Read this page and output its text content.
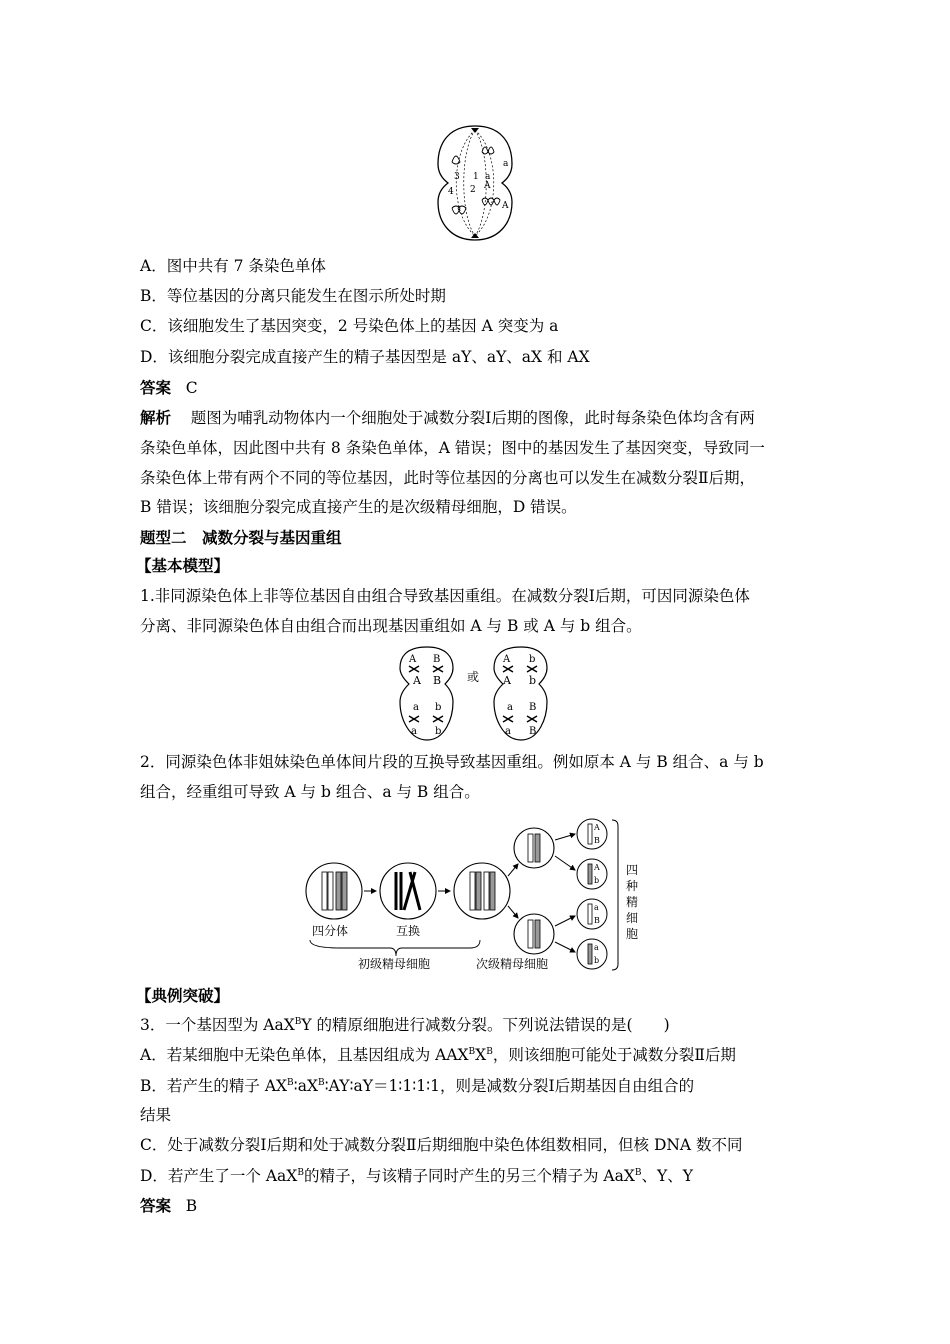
3 1 a
a
4 2 A
A
A．图中共有 7 条染色单体
B．等位基因的分离只能发生在图示所处时期
C．该细胞发生了基因突变，2 号染色体上的基因 A 突变为 a
D．该细胞分裂完成直接产生的精子基因型是 aY、aY、aX 和 AX
答案 C
解析 题图为哺乳动物体内一个细胞处于减数分裂Ⅰ后期的图像，此时每条染色体均含有两
条染色单体，因此图中共有 8 条染色单体，A 错误；图中的基因发生了基因突变，导致同一
条染色体上带有两个不同的等位基因，此时等位基因的分离也可以发生在减数分裂Ⅱ后期，
B 错误；该细胞分裂完成直接产生的是次级精母细胞，D 错误。
题型二　减数分裂与基因重组
【基本模型】
1.非同源染色体上非等位基因自由组合导致基因重组。在减数分裂Ⅰ后期，可因同源染色体
分离、非同源染色体自由组合而出现基因重组如 A 与 B 或 A 与 b 组合。
A B
A B
a b
a b
或
A b
A b
a B
a B
2．同源染色体非姐妹染色单体间片段的互换导致基因重组。例如原本 A 与 B 组合、a 与 b
组合，经重组可导致 A 与 b 组合、a 与 B 组合。
A
B
A
b
a
B
a
b
四
种
精
细
胞
四分体	互换
初级精母细胞	次级精母细胞
【典例突破】
3．一个基因型为 AaX$^B$Y 的精原细胞进行减数分裂。下列说法错误的是(　　)
A．若某细胞中无染色单体，且基因组成为 $AAX^BX^B$，则该细胞可能处于减数分裂Ⅱ后期
B．若产生的精子 $AX^B∶aX^B∶AY∶aY=1∶1∶1∶1$，则是减数分裂Ⅰ后期基因自由组合的
结果
C．处于减数分裂Ⅰ后期和处于减数分裂Ⅱ后期细胞中染色体组数相同，但核 DNA 数不同
D．若产生了一个 AaX$^B$的精子，与该精子同时产生的另三个精子为 AaX$^B$、Y、Y
答案 B
